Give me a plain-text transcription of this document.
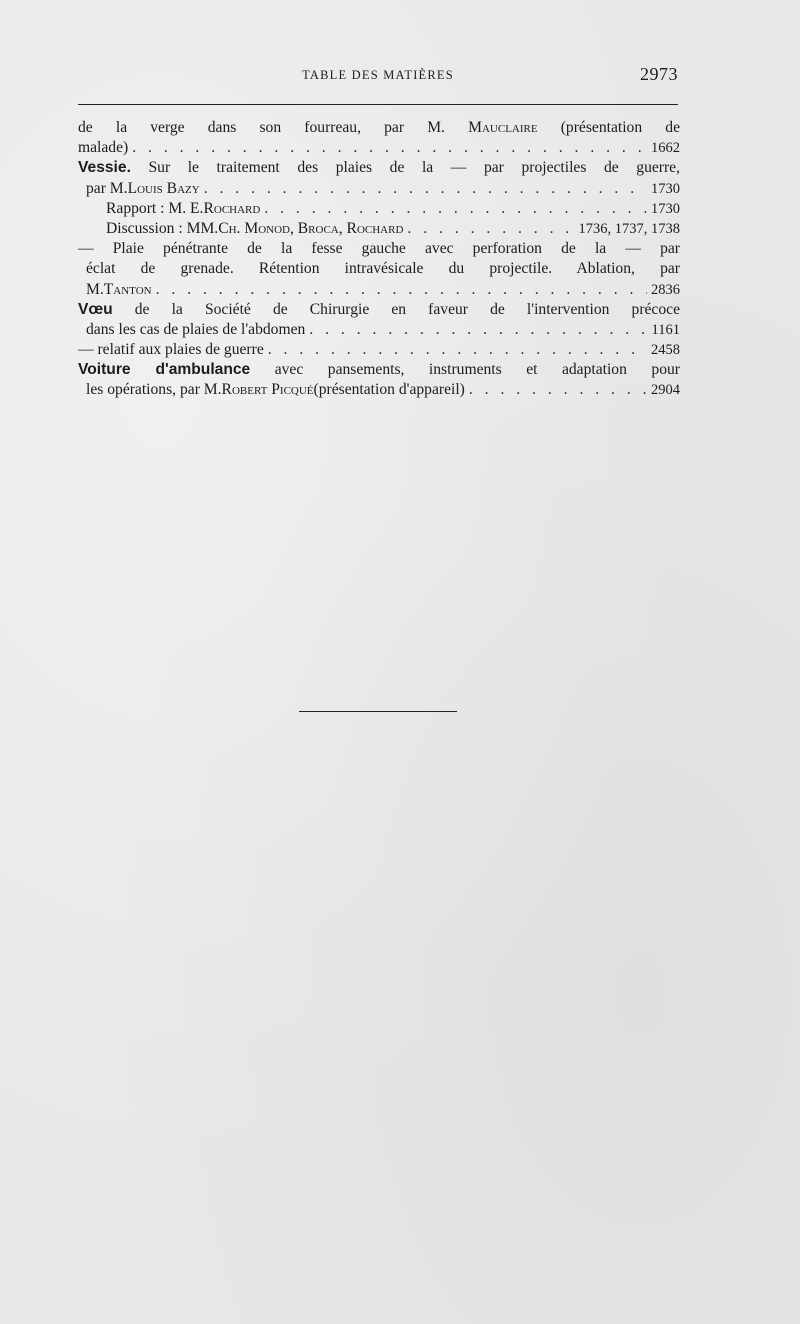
TABLE DES MATIÈRES	2973
de la verge dans son fourreau, par M. Mauclaire (présentation de
malade) . . .	1662
Vessie. Sur le traitement des plaies de la — par projectiles de guerre,
par M. Louis Bazy . . .	1730
Rapport : M. E. Rochard . . .	1730
Discussion : MM. Ch. Monod, Broca, Rochard . . .	1736, 1737, 1738
— Plaie pénétrante de la fesse gauche avec perforation de la — par
éclat de grenade. Rétention intravésicale du projectile. Ablation, par
M. Tanton . . .	2836
Vœu de la Société de Chirurgie en faveur de l'intervention précoce
dans les cas de plaies de l'abdomen . . .	1161
— relatif aux plaies de guerre . . .	2458
Voiture d'ambulance avec pansements, instruments et adaptation pour
les opérations, par M. Robert Picqué (présentation d'appareil) . . .	2904
